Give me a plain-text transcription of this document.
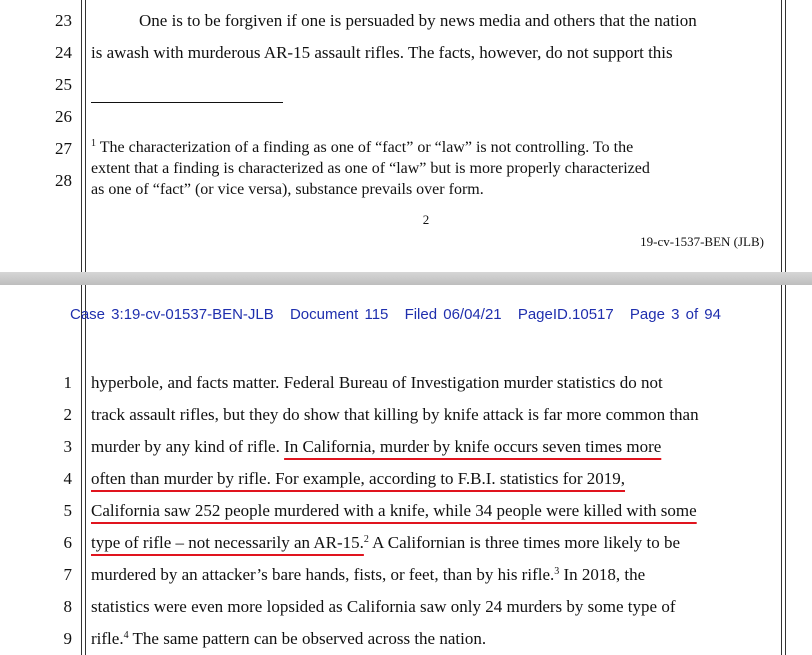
23	One is to be forgiven if one is persuaded by news media and others that the nation
24 is awash with murderous AR-15 assault rifles. The facts, however, do not support this
25
26
27
28
$^1$ The characterization of a finding as one of “fact” or “law” is not controlling. To the
extent that a finding is characterized as one of “law” but is more properly characterized
as one of “fact” (or vice versa), substance prevails over form.
2
19-cv-1537-BEN (JLB)
Case 3:19-cv-01537-BEN-JLB Document 115 Filed 06/04/21 PageID.10517 Page 3 of 94
1 hyperbole, and facts matter. Federal Bureau of Investigation murder statistics do not
2 track assault rifles, but they do show that killing by knife attack is far more common than
3 murder by any kind of rifle. In California, murder by knife occurs seven times more
4 often than murder by rifle. For example, according to F.B.I. statistics for 2019,
5 California saw 252 people murdered with a knife, while 34 people were killed with some
6 type of rifle – not necessarily an AR-15.$^2$ A Californian is three times more likely to be
7 murdered by an attacker’s bare hands, fists, or feet, than by his rifle.$^3$ In 2018, the
8 statistics were even more lopsided as California saw only 24 murders by some type of
9 rifle.$^4$ The same pattern can be observed across the nation.
